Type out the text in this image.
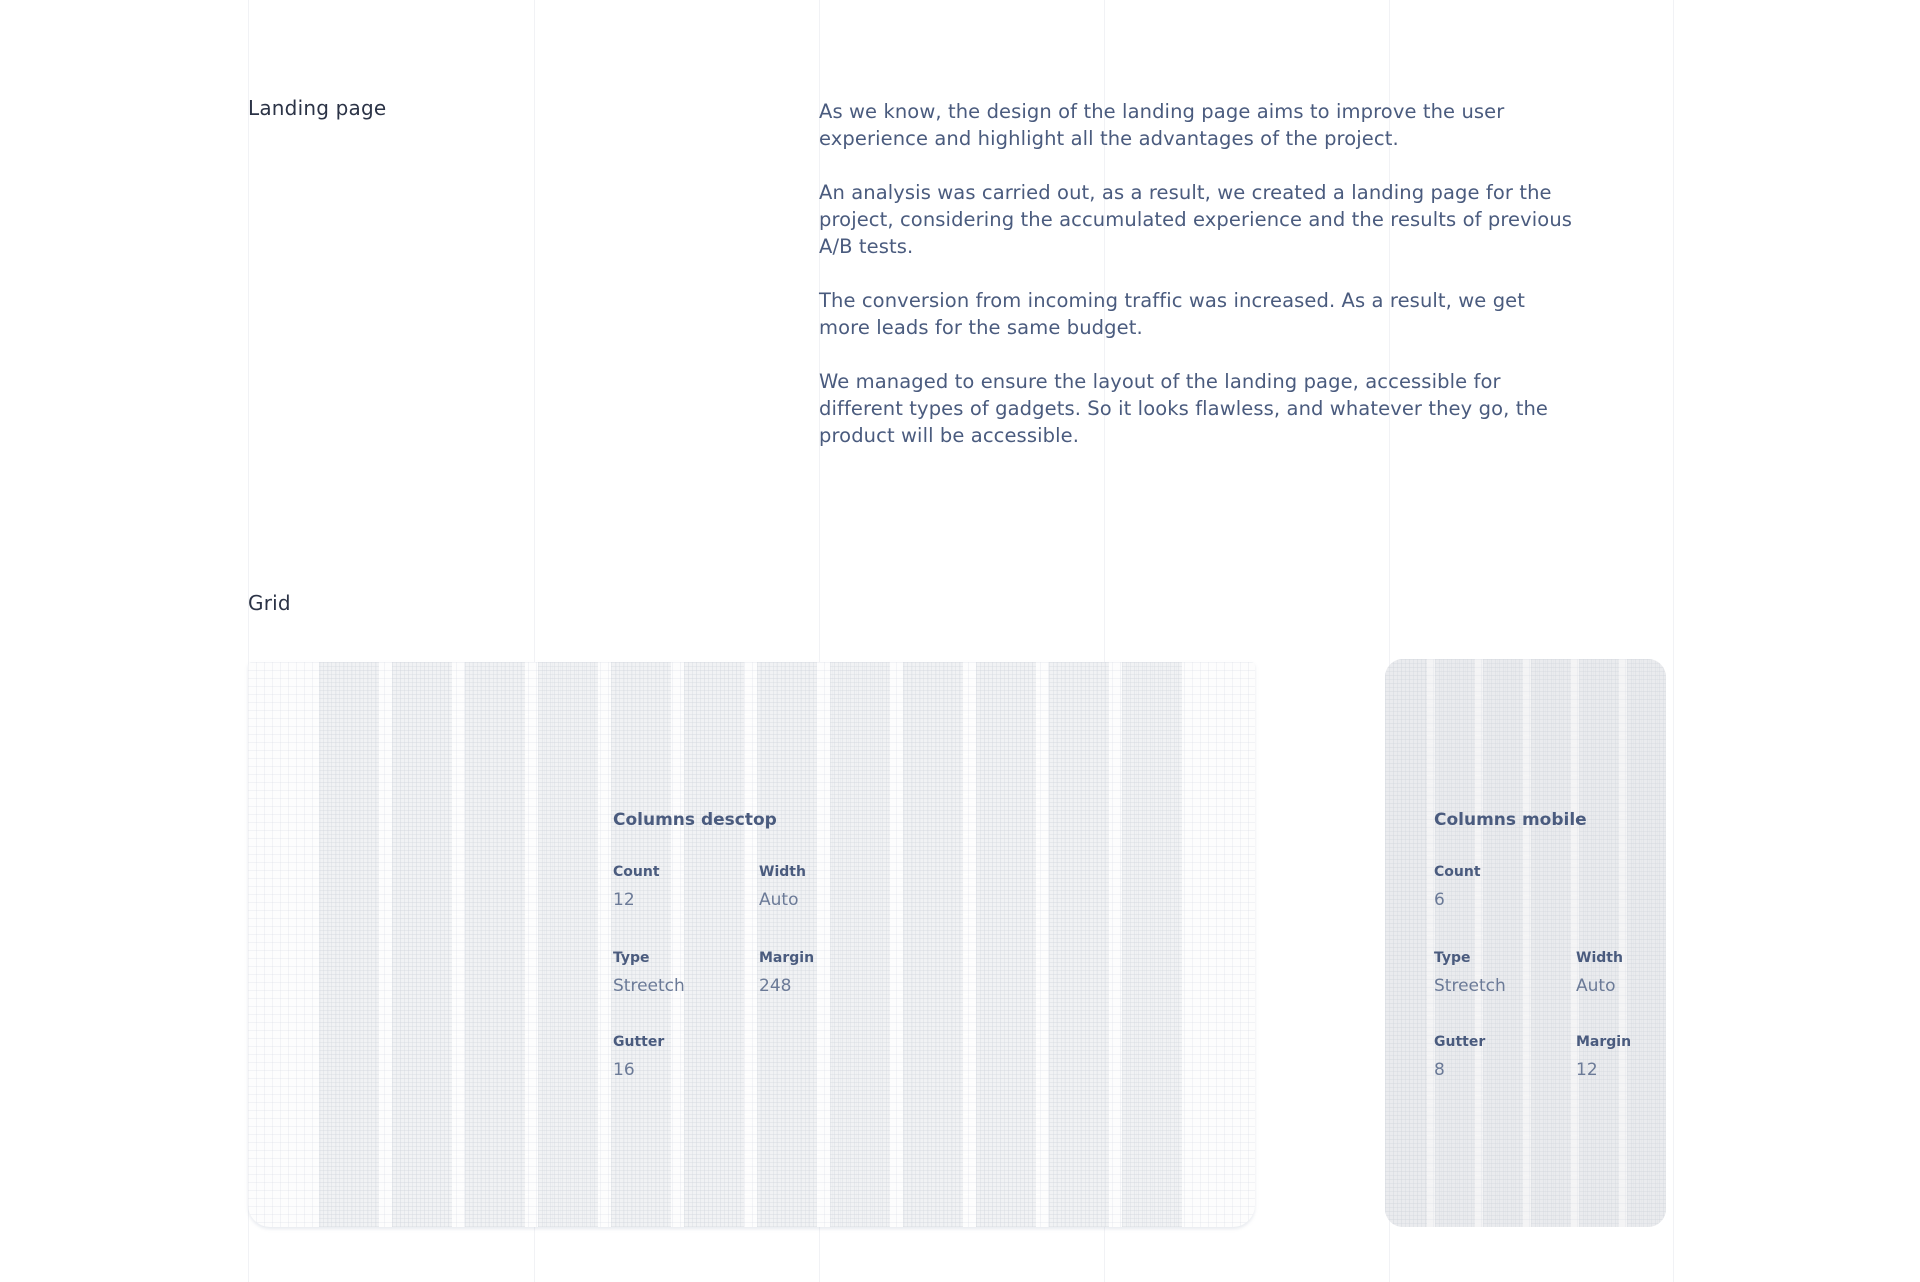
Landing page	As we know, the design of the landing page aims to improve the user experience and highlight all the advantages of the project.

An analysis was carried out, as a result, we created a landing page for the project, considering the accumulated experience and the results of previous A/B tests.

The conversion from incoming traffic was increased. As a result, we get more leads for the same budget.

We managed to ensure the layout of the landing page, accessible for different types of gadgets. So it looks flawless, and whatever they go, the product will be accessible.

Grid
Columns desctop
Count
12
Width
Auto
Type
Streetch
Margin
248
Gutter
16
Columns mobile
Count
6
Type
Streetch
Width
Auto
Gutter
8
Margin
12
